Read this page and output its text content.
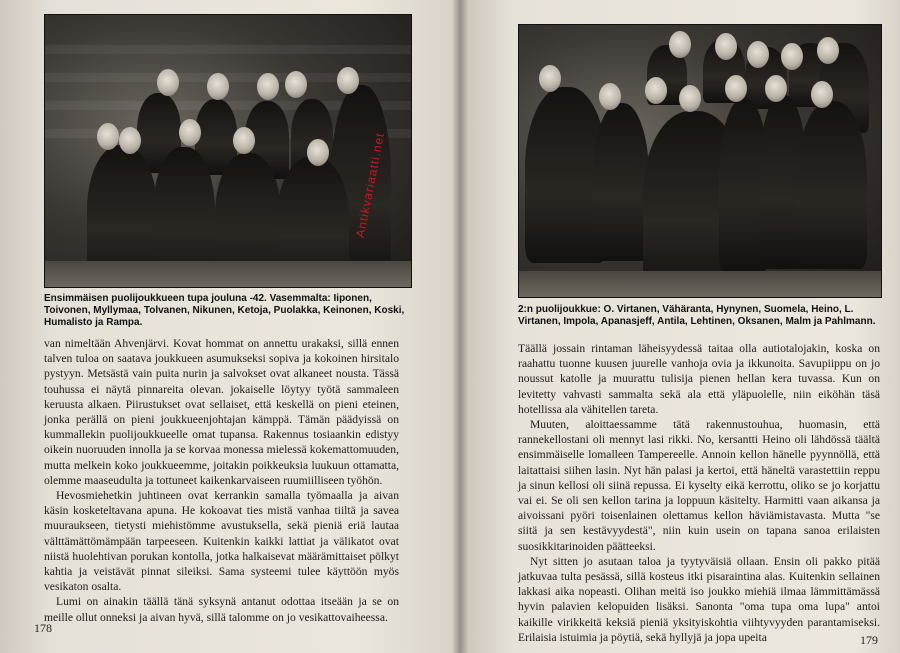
Ensimmäisen puolijoukkueen tupa jouluna -42. Vasemmalta: Iiponen, Toivonen, Myllymaa, Tolvanen, Nikunen, Ketoja, Puolakka, Keinonen, Koski, Humalisto ja Rampa.

van nimeltään Ahvenjärvi. Kovat hommat on annettu urakaksi, sillä ennen talven tuloa on saatava joukkueen asumukseksi sopiva ja kokoinen hirsitalo pystyyn. Metsästä vain puita nurin ja salvokset ovat alkaneet nousta. Tässä touhussa ei näytä pinnareita olevan. jokaiselle löytyy työtä sammaleen keruusta alkaen. Piirustukset ovat sellaiset, että keskellä on pieni eteinen, jonka perällä on pieni joukkueenjohtajan kämppä. Tämän päädyissä on kummallekin puolijoukkueelle omat tupansa. Rakennus tosiaankin edistyy oikein nuoruuden innolla ja se korvaa monessa mielessä kokemattomuuden, mutta melkein koko joukkueemme, joitakin poikkeuksia luukuun ottamatta, olemme maaseudulta ja tottuneet kaikenkarvaiseen ruumiilliseen työhön.

Hevosmiehetkin juhtineen ovat kerrankin samalla työmaalla ja aivan käsin kosketeltavana apuna. He kokoavat ties mistä vanhaa tiiltä ja savea muuraukseen, tietysti miehistömme avustuksella, sekä pieniä eriä lautaa välttämättömämpään tarpeeseen. Kuitenkin kaikki lattiat ja välikatot ovat niistä huolehtivan porukan kontolla, jotka halkaisevat määrämittaiset pölkyt kahtia ja veistävät pinnat sileiksi. Sama systeemi tulee käyttöön myös vesikaton osalta.

Lumi on ainakin täällä tänä syksynä antanut odottaa itseään ja se on meille ollut onneksi ja aivan hyvä, sillä talomme on jo vesikattovaiheessa.

178
2:n puolijoukkue: O. Virtanen, Vähäranta, Hynynen, Suomela, Heino, L. Virtanen, Impola, Apanasjeff, Antila, Lehtinen, Oksanen, Malm ja Pahlmann.

Täällä jossain rintaman läheisyydessä taitaa olla autiotalojakin, koska on raahattu tuonne kuusen juurelle vanhoja ovia ja ikkunoita. Savupiippu on jo noussut katolle ja muurattu tulisija pienen hellan kera tuvassa. Kun on levitetty vahvasti sammalta sekä ala että yläpuolelle, niin eiköhän täsä hotellissa ala vähitellen tareta.

Muuten, aloittaessamme tätä rakennustouhua, huomasin, että rannekellostani oli mennyt lasi rikki. No, kersantti Heino oli lähdössä täältä ensimmäiselle lomalleen Tampereelle. Annoin kellon hänelle pyynnöllä, että laitattaisi siihen lasin. Nyt hän palasi ja kertoi, että häneltä varastettiin reppu ja sinun kellosi oli siinä repussa. Ei kyselty eikä kerrottu, oliko se jo korjattu vai ei. Se oli sen kellon tarina ja loppuun käsitelty. Harmitti vaan aikansa ja aivoissani pyöri toisenlainen olettamus kellon häviämistavasta. Mutta "se siitä ja sen kestävyydestä", niin kuin usein on tapana sanoa erilaisten suosikkitarinoiden päätteeksi.

Nyt sitten jo asutaan taloa ja tyytyväisiä ollaan. Ensin oli pakko pitää jatkuvaa tulta pesässä, sillä kosteus itki pisaraintina alas. Kuitenkin sellainen lakkasi aika nopeasti. Olihan meitä iso joukko miehiä ilmaa lämmittämässä hyvin palavien kelopuiden lisäksi. Sanonta "oma tupa oma lupa" antoi kaikille virikkeitä keksiä pieniä yksityiskohtia viihtyvyyden parantamiseksi. Erilaisia istuimia ja pöytiä, sekä hyllyjä ja jopa upeita	179
Antikvariaatti.net
